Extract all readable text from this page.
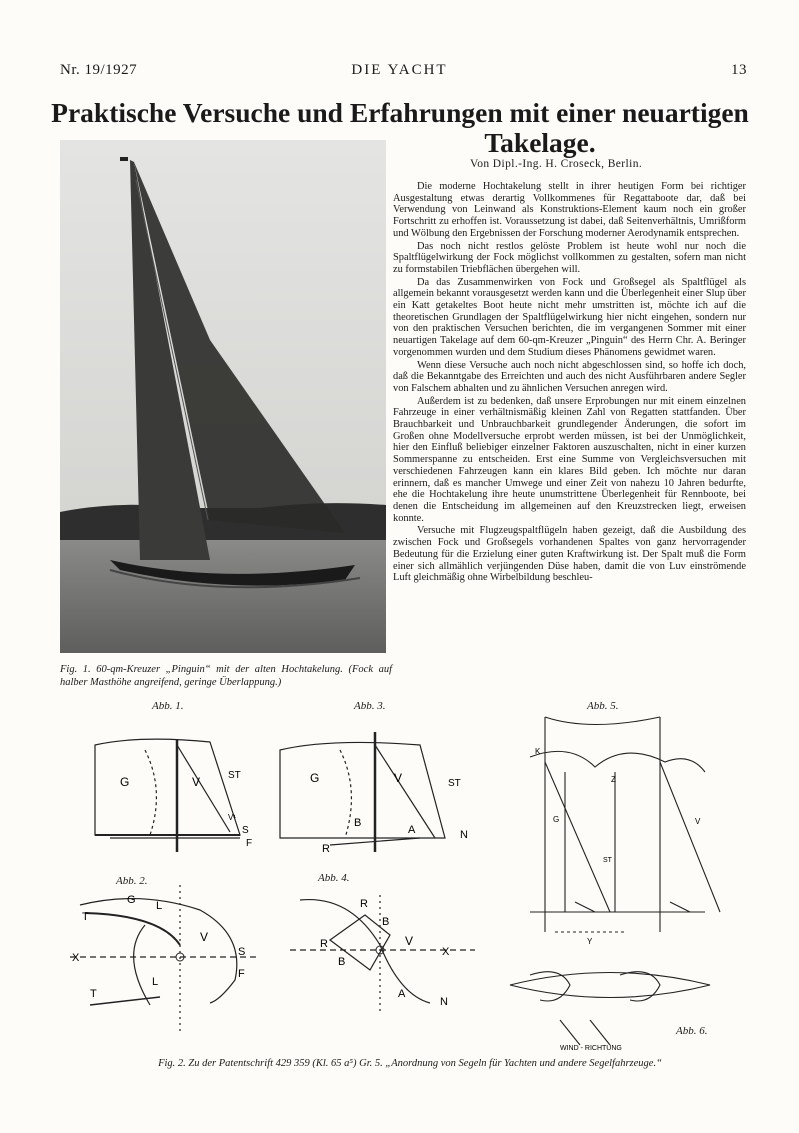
Nr. 19/1927	DIE YACHT	13
Praktische Versuche und Erfahrungen mit einer neuartigen
Takelage.
Von Dipl.-Ing. H. Croseck, Berlin.
Fig. 1. 60-qm-Kreuzer „Pinguin“ mit der alten Hochtakelung. (Fock auf halber Masthöhe angreifend, geringe Überlappung.)

Die moderne Hochtakelung stellt in ihrer heutigen Form bei richtiger Ausgestaltung etwas derartig Vollkommenes für Regattaboote dar, daß bei Verwendung von Leinwand als Konstruktions-Element kaum noch ein großer Fortschritt zu erhoffen ist. Voraussetzung ist dabei, daß Seitenverhältnis, Umrißform und Wölbung den Ergebnissen der Forschung moderner Aerodynamik entsprechen.

Das noch nicht restlos gelöste Problem ist heute wohl nur noch die Spaltflügelwirkung der Fock möglichst vollkommen zu gestalten, sofern man nicht zu formstabilen Triebflächen übergehen will.

Da das Zusammenwirken von Fock und Großsegel als Spaltflügel als allgemein bekannt vorausgesetzt werden kann und die Überlegenheit einer Slup über ein Katt getakeltes Boot heute nicht mehr umstritten ist, möchte ich auf die theoretischen Grundlagen der Spaltflügelwirkung hier nicht eingehen, sondern nur von den praktischen Versuchen berichten, die im vergangenen Sommer mit einer neuartigen Takelage auf dem 60-qm-Kreuzer „Pinguin“ des Herrn Chr. A. Beringer vorgenommen wurden und dem Studium dieses Phänomens gewidmet waren.

Wenn diese Versuche auch noch nicht abgeschlossen sind, so hoffe ich doch, daß die Bekanntgabe des Erreichten und auch des nicht Ausführbaren andere Segler von Falschem abhalten und zu ähnlichen Versuchen anregen wird.

Außerdem ist zu bedenken, daß unsere Erprobungen nur mit einem einzelnen Fahrzeuge in einer verhältnismäßig kleinen Zahl von Regatten stattfanden. Über Brauchbarkeit und Unbrauchbarkeit grundlegender Änderungen, die sofort im Großen ohne Modellversuche erprobt werden müssen, ist bei der Unmöglichkeit, hier den Einfluß beliebiger einzelner Faktoren auszuschalten, nicht in einer kurzen Sommerspanne zu entscheiden. Erst eine Summe von Vergleichsversuchen mit verschiedenen Fahrzeugen kann ein klares Bild geben. Ich möchte nur daran erinnern, daß es mancher Umwege und einer Zeit von nahezu 10 Jahren bedurfte, ehe die Hochtakelung ihre heute unumstrittene Überlegenheit für Rennboote, bei denen die Entscheidung im allgemeinen auf den Kreuzstrecken liegt, erweisen konnte.

Versuche mit Flugzeugspaltflügeln haben gezeigt, daß die Ausbildung des zwischen Fock und Großsegels vorhandenen Spaltes von ganz hervorragender Bedeutung für die Erzielung einer guten Kraftwirkung ist. Der Spalt muß die Form einer sich allmählich verjüngenden Düse haben, damit die von Luv einströmende Luft gleichmäßig ohne Wirbelbildung beschleu-

Abb. 1.	Abb. 3.	Abb. 5.
Abb. 2.	Abb. 4.
Abb. 6.
G	V	ST
V¹
S
F
G	V	ST
B
A
R
N
T
G L
V
S
F
X
L
T
R
B
R
B
V
A
N
X
K
Z
G	V
ST
Y
WIND - RICHTUNG
Fig. 2. Zu der Patentschrift 429 359 (Kl. 65 a⁵) Gr. 5. „Anordnung von Segeln für Yachten und andere Segelfahrzeuge.“
